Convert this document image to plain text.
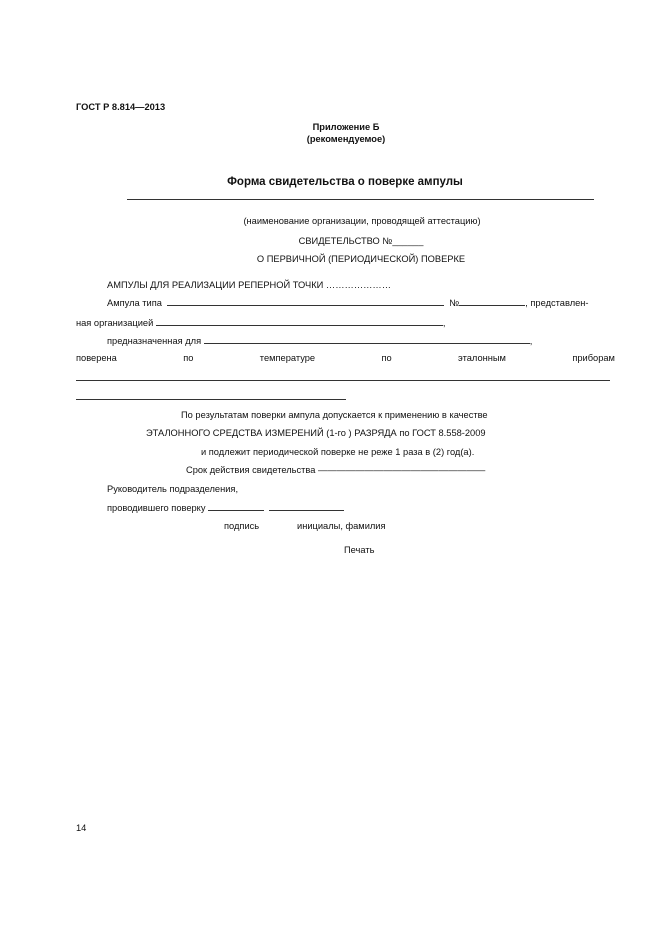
ГОСТ Р 8.814—2013
Приложение Б
(рекомендуемое)
Форма свидетельства о поверке ампулы
(наименование организации, проводящей аттестацию)
СВИДЕТЕЛЬСТВО №______
О ПЕРВИЧНОЙ (ПЕРИОДИЧЕСКОЙ) ПОВЕРКЕ
АМПУЛЫ ДЛЯ РЕАЛИЗАЦИИ РЕПЕРНОЙ ТОЧКИ …………………
Ампула типа	№	, представлен-
ная организацией	,
предназначенная для	,
поверена	по	температуре	по	эталонным	приборам
По результатам поверки ампула допускается к применению в качестве
ЭТАЛОННОГО СРЕДСТВА ИЗМЕРЕНИЙ (1-го ) РАЗРЯДА по ГОСТ 8.558-2009
и подлежит периодической поверке не реже 1 раза в (2) год(а).
Срок действия свидетельства ——————————————————
Руководитель подразделения,
проводившего поверку
подпись	инициалы, фамилия
Печать
14
